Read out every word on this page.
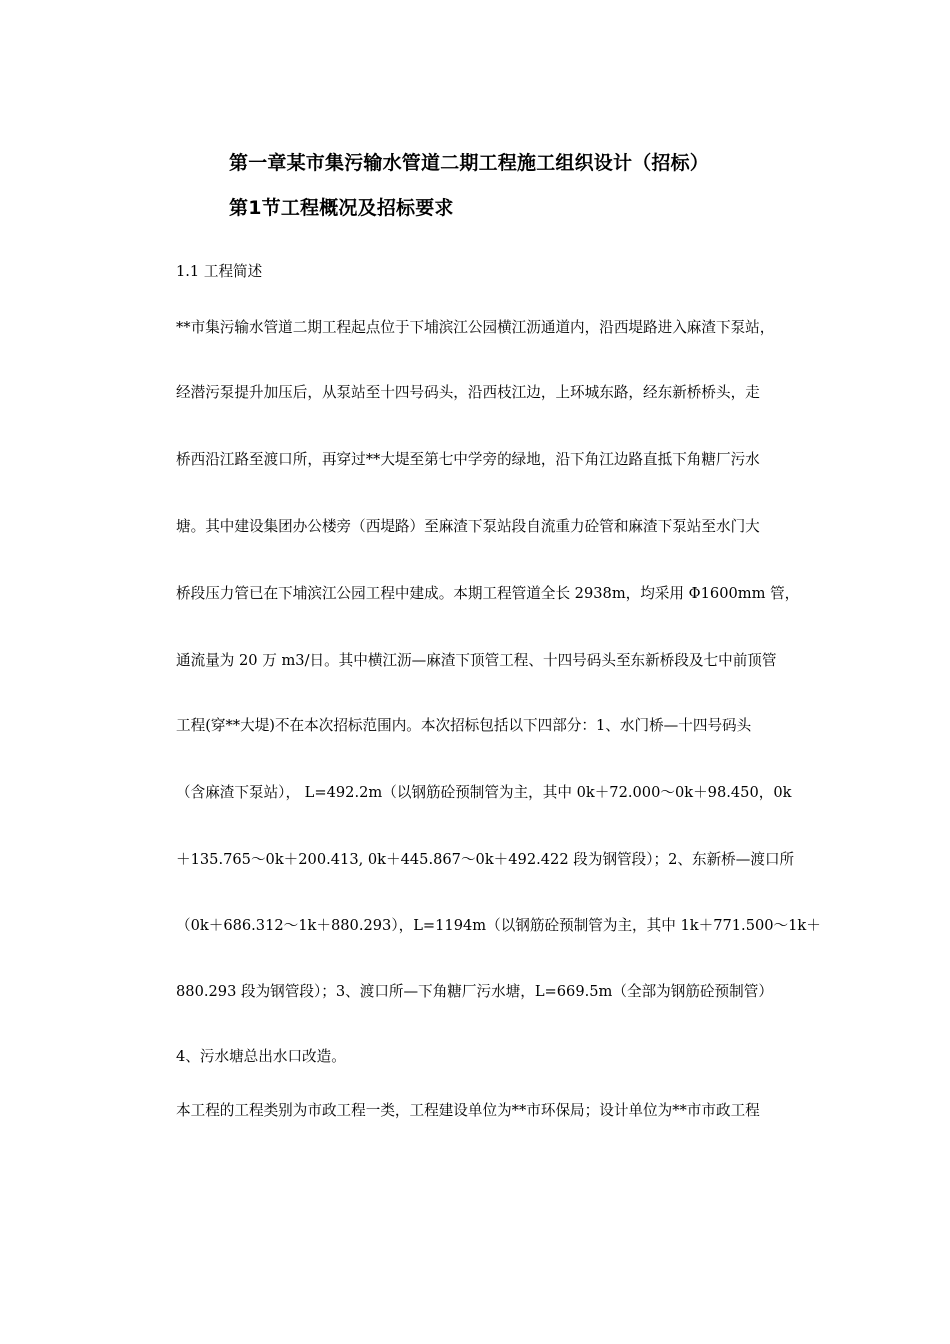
第一章某市集污输水管道二期工程施工组织设计（招标）
第1节工程概况及招标要求
1.1 工程简述
**市集污输水管道二期工程起点位于下埔滨江公园横江沥通道内，沿西堤路进入麻渣下泵站，
经潜污泵提升加压后，从泵站至十四号码头，沿西枝江边，上环城东路，经东新桥桥头，走
桥西沿江路至渡口所，再穿过**大堤至第七中学旁的绿地，沿下角江边路直抵下角糖厂污水
塘。其中建设集团办公楼旁（西堤路）至麻渣下泵站段自流重力砼管和麻渣下泵站至水门大
桥段压力管已在下埔滨江公园工程中建成。本期工程管道全长 2938m，均采用 Φ1600mm 管，
通流量为 20 万 m3/日。其中横江沥—麻渣下顶管工程、十四号码头至东新桥段及七中前顶管
工程(穿**大堤)不在本次招标范围内。本次招标包括以下四部分：1、水门桥—十四号码头
（含麻渣下泵站）， L=492.2m（以钢筋砼预制管为主，其中 0k＋72.000～0k＋98.450，0k
＋135.765～0k＋200.413, 0k＋445.867～0k＋492.422 段为钢管段）；2、东新桥—渡口所
（0k＋686.312～1k＋880.293），L=1194m（以钢筋砼预制管为主，其中 1k＋771.500～1k＋
880.293 段为钢管段）；3、渡口所—下角糖厂污水塘，L=669.5m（全部为钢筋砼预制管）
4、污水塘总出水口改造。
本工程的工程类别为市政工程一类，工程建设单位为**市环保局；设计单位为**市市政工程
